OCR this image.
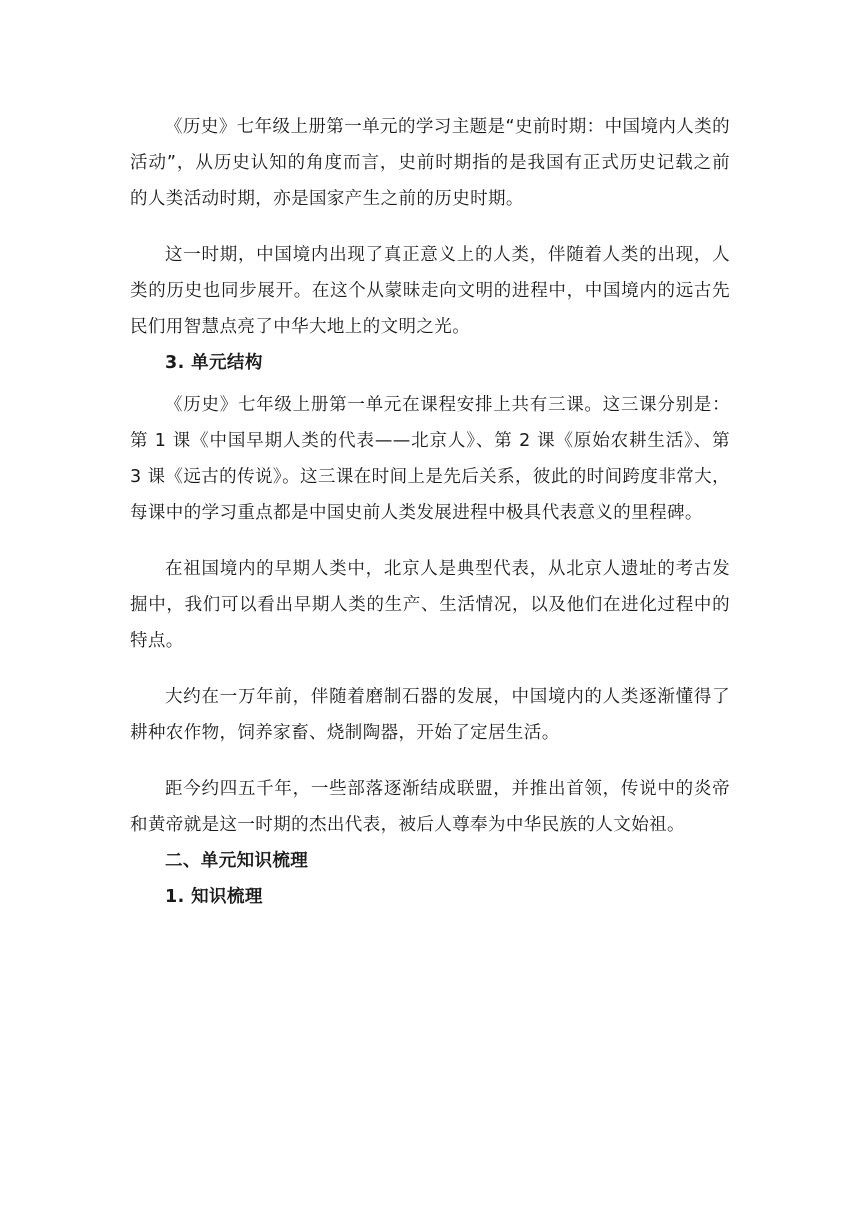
《历史》七年级上册第一单元的学习主题是“史前时期：中国境内人类的活动”，从历史认知的角度而言，史前时期指的是我国有正式历史记载之前的人类活动时期，亦是国家产生之前的历史时期。

这一时期，中国境内出现了真正意义上的人类，伴随着人类的出现，人类的历史也同步展开。在这个从蒙昧走向文明的进程中，中国境内的远古先民们用智慧点亮了中华大地上的文明之光。

3. 单元结构

《历史》七年级上册第一单元在课程安排上共有三课。这三课分别是：第 1 课《中国早期人类的代表——北京人》、第 2 课《原始农耕生活》、第 3 课《远古的传说》。这三课在时间上是先后关系，彼此的时间跨度非常大，每课中的学习重点都是中国史前人类发展进程中极具代表意义的里程碑。

在祖国境内的早期人类中，北京人是典型代表，从北京人遗址的考古发掘中，我们可以看出早期人类的生产、生活情况，以及他们在进化过程中的特点。

大约在一万年前，伴随着磨制石器的发展，中国境内的人类逐渐懂得了耕种农作物，饲养家畜、烧制陶器，开始了定居生活。

距今约四五千年，一些部落逐渐结成联盟，并推出首领，传说中的炎帝和黄帝就是这一时期的杰出代表，被后人尊奉为中华民族的人文始祖。

二、单元知识梳理

1. 知识梳理
